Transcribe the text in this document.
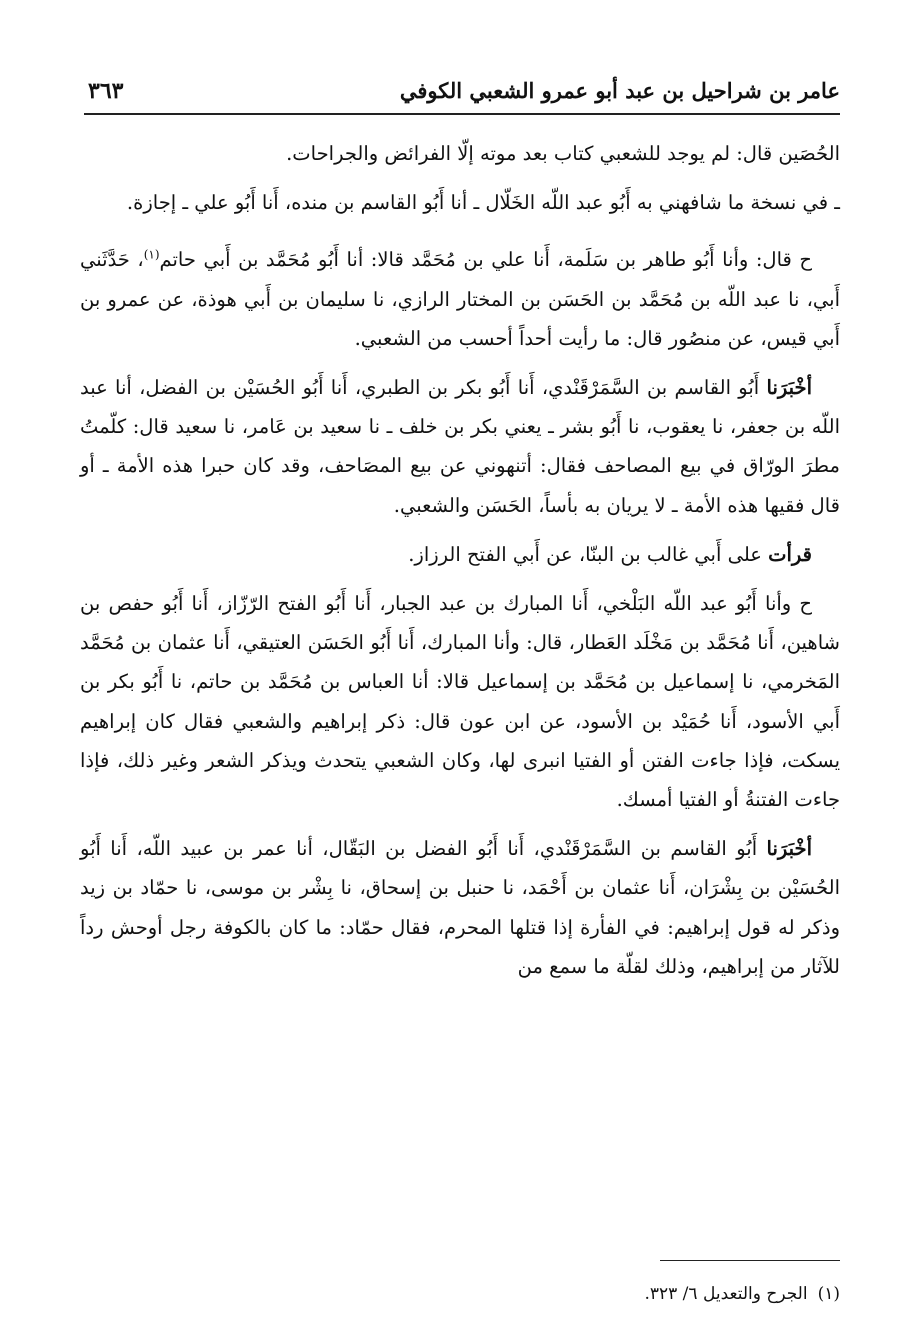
عامر بن شراحيل بن عبد أبو عمرو الشعبي الكوفي
٣٦٣

الحُصَين قال: لم يوجد للشعبي كتاب بعد موته إلّا الفرائض والجراحات.

ـ في نسخة ما شافهني به أَبُو عبد اللّه الخَلّال ـ أنا أَبُو القاسم بن منده، أَنا أَبُو علي ـ إجازة.

ح قال: وأنا أَبُو طاهر بن سَلَمة، أَنا علي بن مُحَمَّد قالا: أنا أَبُو مُحَمَّد بن أَبي حاتم$^{(١)}$، حَدَّثَني أَبي، نا عبد اللّه بن مُحَمَّد بن الحَسَن بن المختار الرازي، نا سليمان بن أَبي هوذة، عن عمرو بن أَبي قيس، عن منصُور قال: ما رأيت أحداً أحسب من الشعبي.

أخْبَرَنا أَبُو القاسم بن السَّمَرْقَنْدي، أَنا أَبُو بكر بن الطبري، أَنا أَبُو الحُسَيْن بن الفضل، أنا عبد اللّه بن جعفر، نا يعقوب، نا أَبُو بشر ـ يعني بكر بن خلف ـ نا سعيد بن عَامر، نا سعيد قال: كلّمتُ مطرَ الورّاق في بيع المصاحف فقال: أتنهوني عن بيع المصَاحف، وقد كان حبرا هذه الأمة ـ أو قال فقيها هذه الأمة ـ لا يريان به بأساً، الحَسَن والشعبي.

قرأت على أَبي غالب بن البنّا، عن أَبي الفتح الرزاز.

ح وأنا أَبُو عبد اللّه البَلْخي، أَنا المبارك بن عبد الجبار، أَنا أَبُو الفتح الرّزّاز، أَنا أَبُو حفص بن شاهين، أَنا مُحَمَّد بن مَخْلَد العَطار، قال: وأنا المبارك، أَنا أَبُو الحَسَن العتيقي، أَنا عثمان بن مُحَمَّد المَخرمي، نا إسماعيل بن مُحَمَّد بن إسماعيل قالا: أنا العباس بن مُحَمَّد بن حاتم، نا أَبُو بكر بن أَبي الأسود، أَنا حُمَيْد بن الأسود، عن ابن عون قال: ذكر إبراهيم والشعبي فقال كان إبراهيم يسكت، فإذا جاءت الفتن أو الفتيا انبرى لها، وكان الشعبي يتحدث ويذكر الشعر وغير ذلك، فإذا جاءت الفتنةُ أو الفتيا أمسك.

أخْبَرَنا أَبُو القاسم بن السَّمَرْقَنْدي، أَنا أَبُو الفضل بن البَقّال، أنا عمر بن عبيد اللّه، أَنا أَبُو الحُسَيْن بن بِشْرَان، أَنا عثمان بن أَحْمَد، نا حنبل بن إسحاق، نا بِشْر بن موسى، نا حمّاد بن زيد وذكر له قول إبراهيم: في الفأرة إذا قتلها المحرم، فقال حمّاد: ما كان بالكوفة رجل أوحش رداً للآثار من إبراهيم، وذلك لقلّة ما سمع من

(١)الجرح والتعديل ٦/ ٣٢٣.
